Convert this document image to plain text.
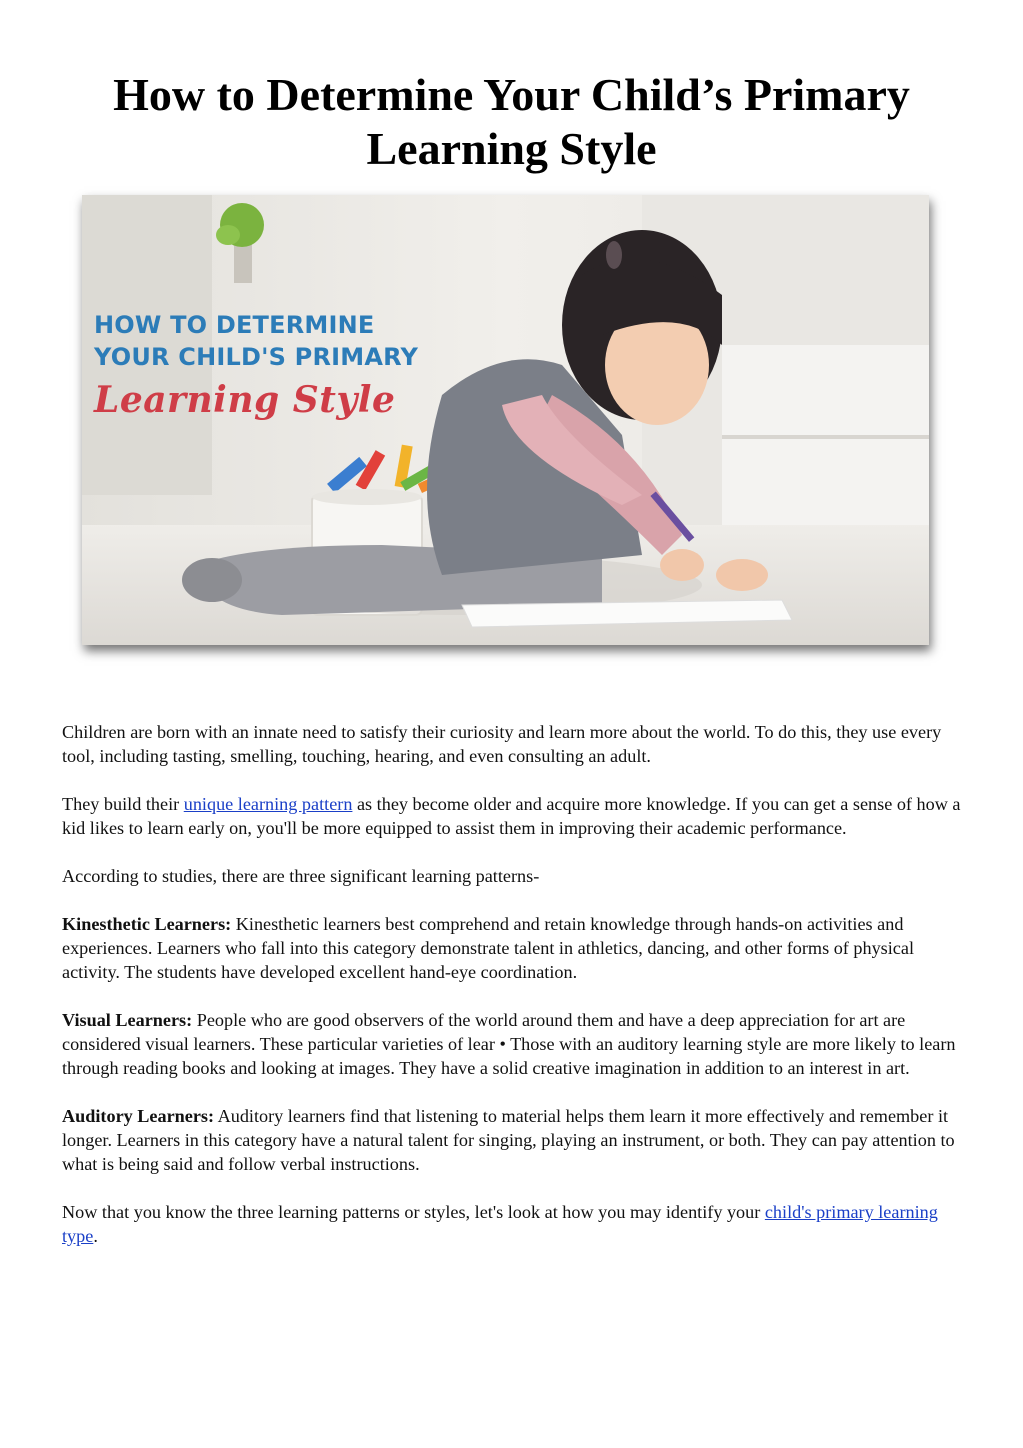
How to Determine Your Child’s Primary Learning Style
HOW TO DETERMINE
YOUR CHILD'S PRIMARY
Learning Style

Children are born with an innate need to satisfy their curiosity and learn more about the world. To do this, they use every tool, including tasting, smelling, touching, hearing, and even consulting an adult.

They build their unique learning pattern as they become older and acquire more knowledge. If you can get a sense of how a kid likes to learn early on, you'll be more equipped to assist them in improving their academic performance.

According to studies, there are three significant learning patterns-

Kinesthetic Learners: Kinesthetic learners best comprehend and retain knowledge through hands-on activities and experiences. Learners who fall into this category demonstrate talent in athletics, dancing, and other forms of physical activity. The students have developed excellent hand-eye coordination.

Visual Learners: People who are good observers of the world around them and have a deep appreciation for art are considered visual learners. These particular varieties of lear • Those with an auditory learning style are more likely to learn through reading books and looking at images. They have a solid creative imagination in addition to an interest in art.

Auditory Learners: Auditory learners find that listening to material helps them learn it more effectively and remember it longer. Learners in this category have a natural talent for singing, playing an instrument, or both. They can pay attention to what is being said and follow verbal instructions.

Now that you know the three learning patterns or styles, let's look at how you may identify your child's primary learning type.
